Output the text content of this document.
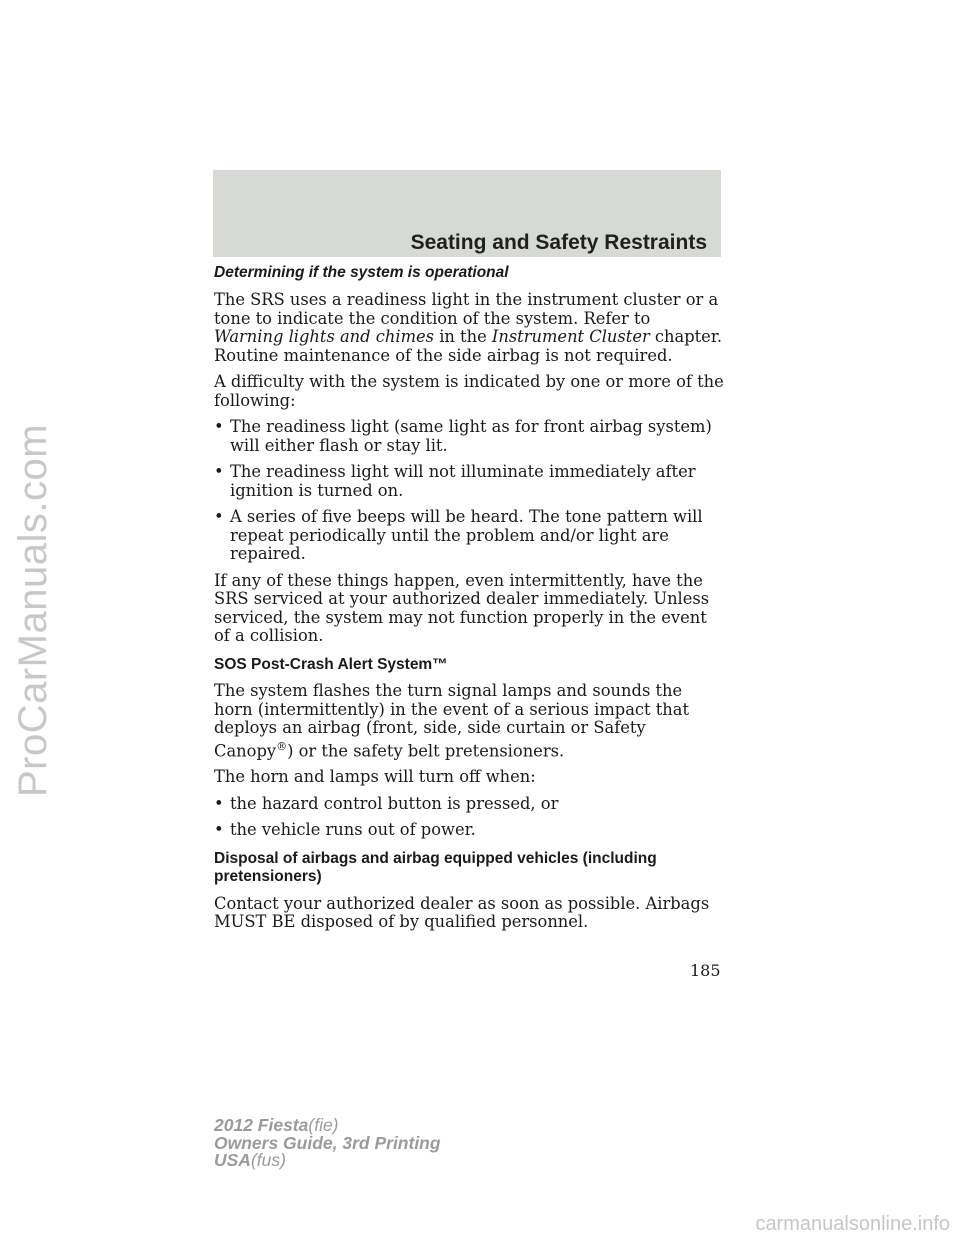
ProCarManuals.com
Seating and Safety Restraints
Determining if the system is operational

The SRS uses a readiness light in the instrument cluster or a tone to indicate the condition of the system. Refer to Warning lights and chimes in the Instrument Cluster chapter. Routine maintenance of the side airbag is not required.

A difficulty with the system is indicated by one or more of the following:

• The readiness light (same light as for front airbag system) will either flash or stay lit.
• The readiness light will not illuminate immediately after ignition is turned on.
• A series of five beeps will be heard. The tone pattern will repeat periodically until the problem and/or light are repaired.

If any of these things happen, even intermittently, have the SRS serviced at your authorized dealer immediately. Unless serviced, the system may not function properly in the event of a collision.

SOS Post-Crash Alert System™

The system flashes the turn signal lamps and sounds the horn (intermittently) in the event of a serious impact that deploys an airbag (front, side, side curtain or Safety Canopy®) or the safety belt pretensioners.

The horn and lamps will turn off when:

• the hazard control button is pressed, or
• the vehicle runs out of power.
Disposal of airbags and airbag equipped vehicles (including pretensioners)

Contact your authorized dealer as soon as possible. Airbags MUST BE disposed of by qualified personnel.

185
2012 Fiesta(fie)
Owners Guide, 3rd Printing
USA(fus)
carmanualsonline.info
